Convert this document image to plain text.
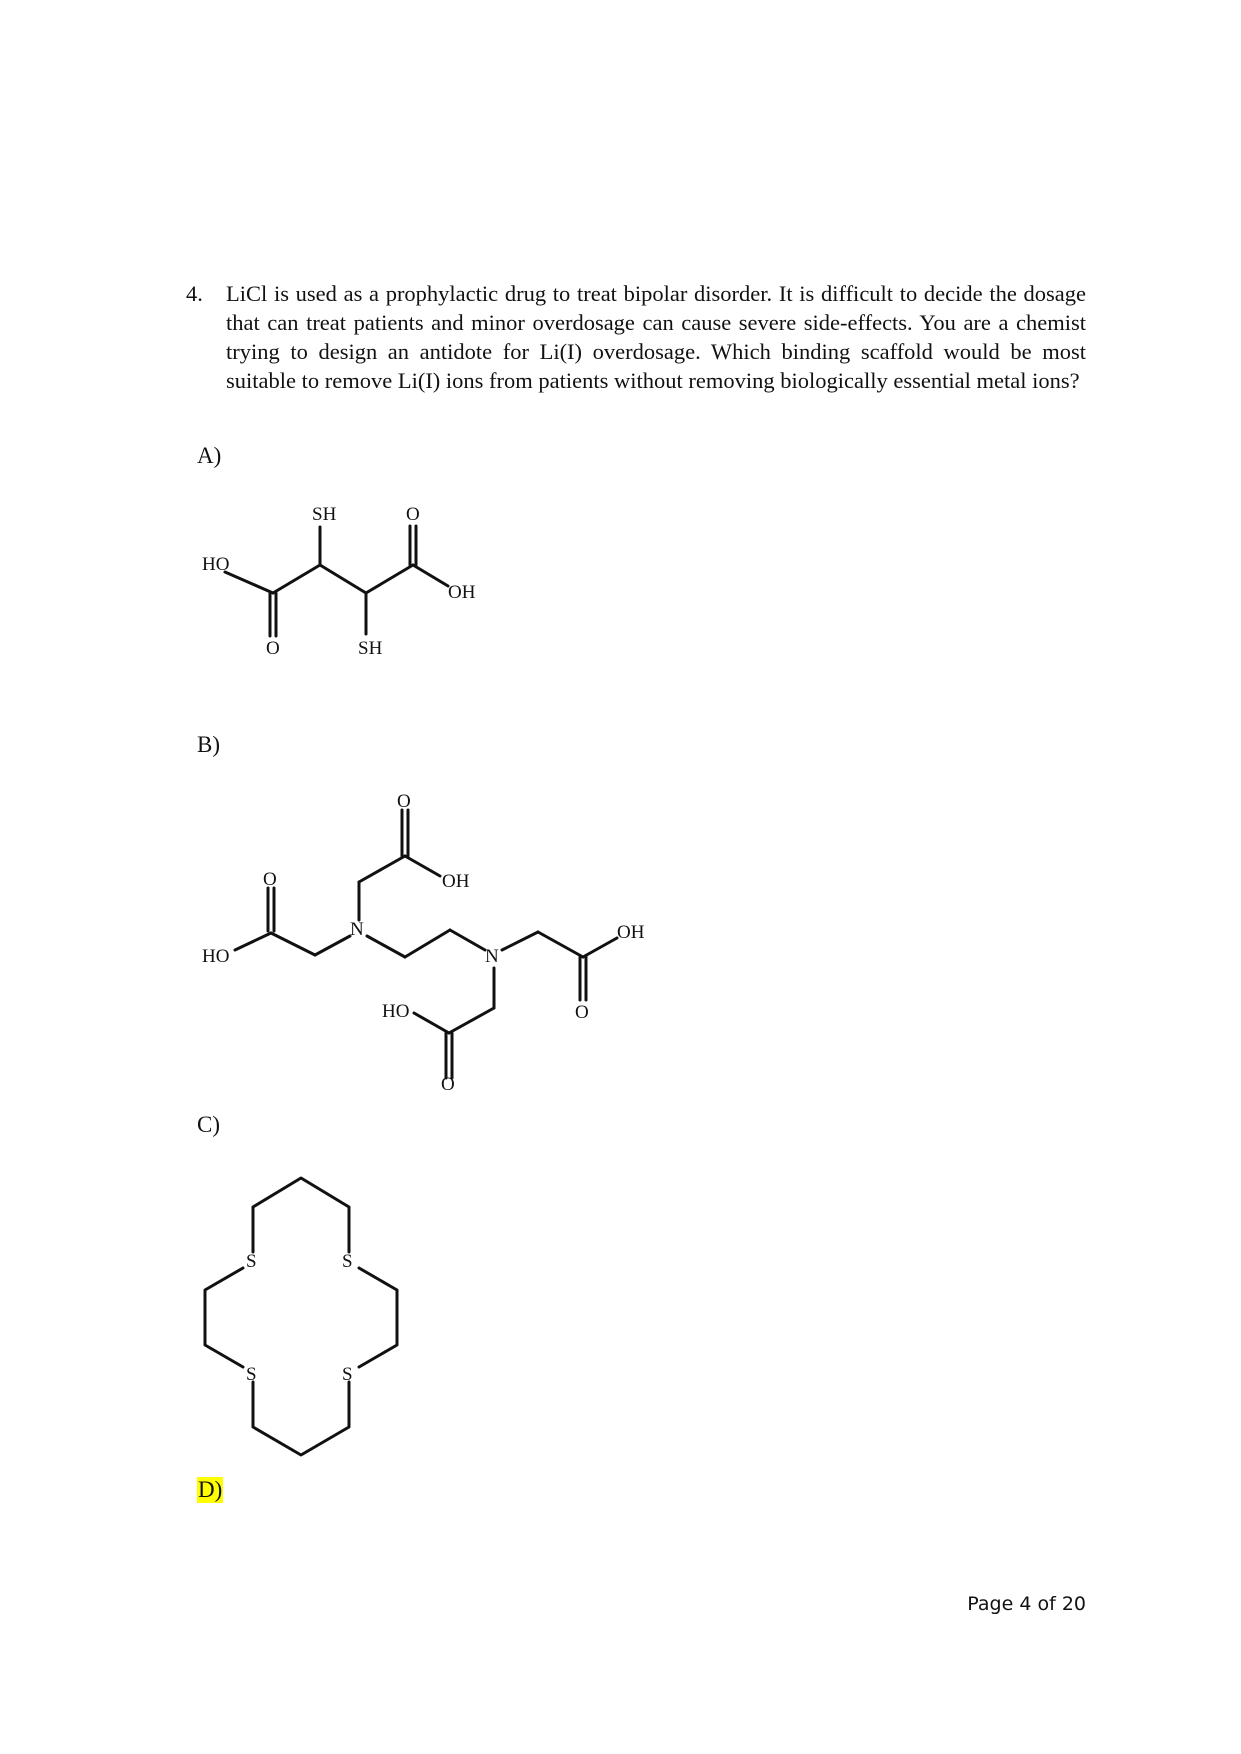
4. LiCl is used as a prophylactic drug to treat bipolar disorder. It is difficult to decide the dosage that can treat patients and minor overdosage can cause severe side-effects. You are a chemist trying to design an antidote for Li(I) overdosage. Which binding scaffold would be most suitable to remove Li(I) ions from patients without removing biologically essential metal ions?
A)
HO
SH	O
OH
O	SH
B)
O
HO
N
O
OH
N
OH
O
HO
O
C)
S	S
S	S
D)
Page 4 of 20
